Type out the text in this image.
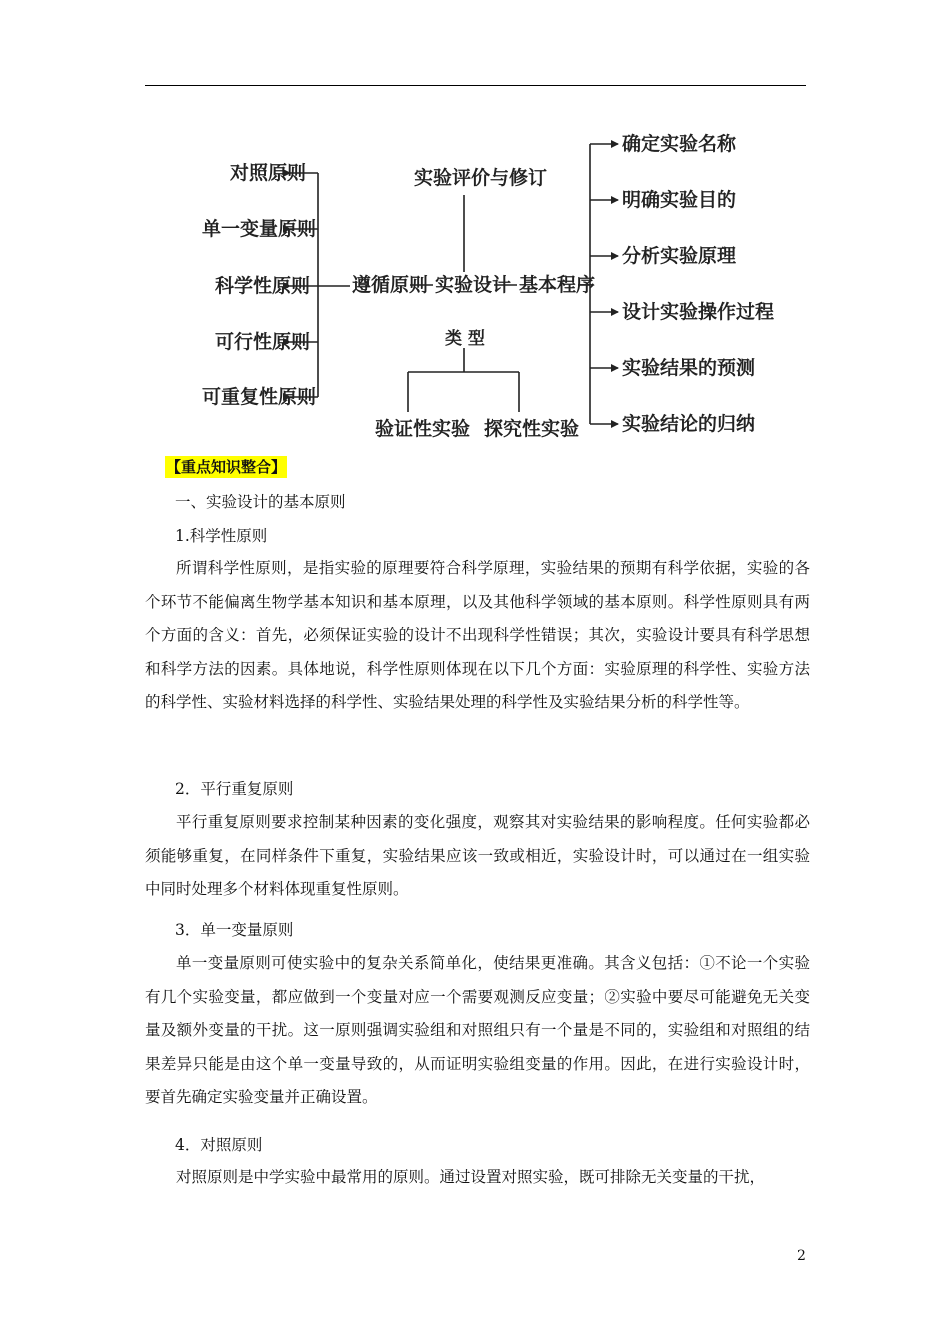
对照原则
单一变量原则
科学性原则
可行性原则
可重复性原则
实验评价与修订
遵循原则 实验设计 基本程序
类 型
验证性实验 探究性实验
确定实验名称
明确实验目的
分析实验原理
设计实验操作过程
实验结果的预测
实验结论的归纳
【重点知识整合】
一、实验设计的基本原则
1.科学性原则

所谓科学性原则，是指实验的原理要符合科学原理，实验结果的预期有科学依据，实验的各个环节不能偏离生物学基本知识和基本原理，以及其他科学领域的基本原则。科学性原则具有两个方面的含义：首先，必须保证实验的设计不出现科学性错误；其次，实验设计要具有科学思想和科学方法的因素。具体地说，科学性原则体现在以下几个方面：实验原理的科学性、实验方法的科学性、实验材料选择的科学性、实验结果处理的科学性及实验结果分析的科学性等。

2．平行重复原则

平行重复原则要求控制某种因素的变化强度，观察其对实验结果的影响程度。任何实验都必须能够重复，在同样条件下重复，实验结果应该一致或相近，实验设计时，可以通过在一组实验中同时处理多个材料体现重复性原则。

3．单一变量原则

单一变量原则可使实验中的复杂关系简单化，使结果更准确。其含义包括：①不论一个实验有几个实验变量，都应做到一个变量对应一个需要观测反应变量；②实验中要尽可能避免无关变量及额外变量的干扰。这一原则强调实验组和对照组只有一个量是不同的，实验组和对照组的结果差异只能是由这个单一变量导致的，从而证明实验组变量的作用。因此，在进行实验设计时，要首先确定实验变量并正确设置。

4．对照原则

对照原则是中学实验中最常用的原则。通过设置对照实验，既可排除无关变量的干扰，

2
